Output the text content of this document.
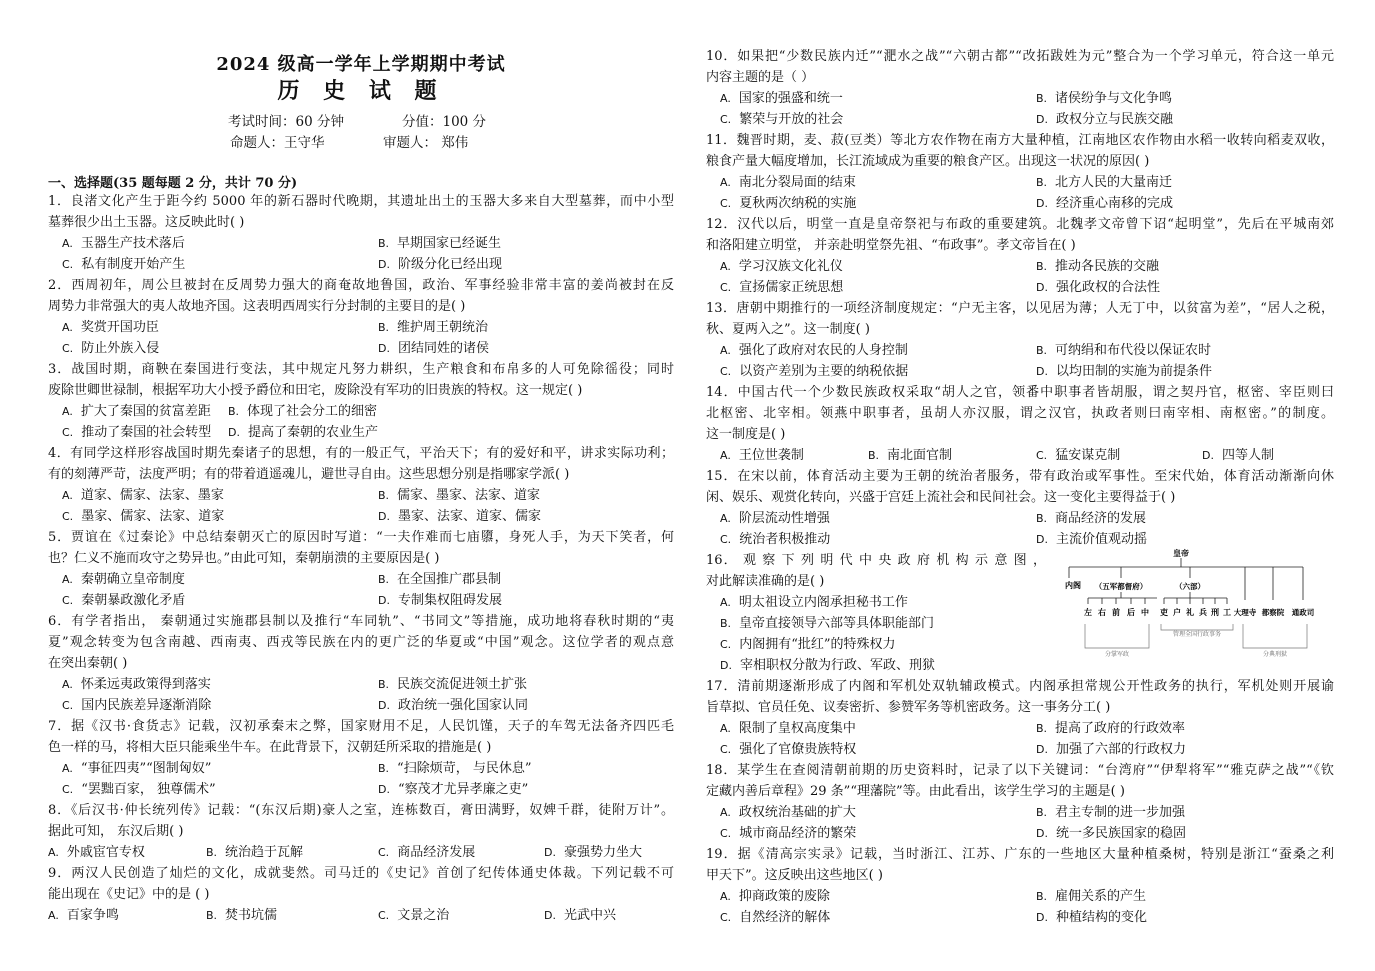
2024 级高一学年上学期期中考试
历 史 试 题
考试时间：60 分钟	分值：100 分
命题人：王守华	审题人： 郑伟
一、选择题(35 题每题 2 分，共计 70 分)
1．良渚文化产生于距今约 5000 年的新石器时代晚期，其遗址出土的玉器大多来自大型墓葬，而中小型
墓葬很少出土玉器。这反映此时( )
A. 玉器生产技术落后	B. 早期国家已经诞生
C. 私有制度开始产生	D. 阶级分化已经出现
2．西周初年，周公旦被封在反周势力强大的商奄故地鲁国，政治、军事经验非常丰富的姜尚被封在反
周势力非常强大的夷人故地齐国。这表明西周实行分封制的主要目的是( )
A. 奖赏开国功臣	B. 维护周王朝统治
C. 防止外族入侵	D. 团结同姓的诸侯
3．战国时期，商鞅在秦国进行变法，其中规定凡努力耕织，生产粮食和布帛多的人可免除徭役；同时
废除世卿世禄制，根据军功大小授予爵位和田宅，废除没有军功的旧贵族的特权。这一规定( )
A. 扩大了秦国的贫富差距 B. 体现了社会分工的细密
C. 推动了秦国的社会转型 D. 提高了秦朝的农业生产
4．有同学这样形容战国时期先秦诸子的思想，有的一般正气，平治天下；有的爱好和平，讲求实际功利；
有的刻薄严苛，法度严明；有的带着逍遥魂儿，避世寻自由。这些思想分别是指哪家学派( )
A. 道家、儒家、法家、墨家	B. 儒家、墨家、法家、道家
C. 墨家、儒家、法家、道家	D. 墨家、法家、道家、儒家
5．贾谊在《过秦论》中总结秦朝灭亡的原因时写道：“一夫作难而七庙隳，身死人手，为天下笑者，何
也？仁义不施而攻守之势异也。”由此可知，秦朝崩溃的主要原因是( )
A. 秦朝确立皇帝制度	B. 在全国推广郡县制
C. 秦朝暴政激化矛盾	D. 专制集权阻碍发展
6．有学者指出， 秦朝通过实施郡县制以及推行“车同轨”、“书同文”等措施，成功地将春秋时期的“夷
夏”观念转变为包含南越、西南夷、西戎等民族在内的更广泛的华夏或“中国”观念。这位学者的观点意
在突出秦朝( )
A. 怀柔远夷政策得到落实	B. 民族交流促进领土扩张
C. 国内民族差异逐渐消除	D. 政治统一强化国家认同
7．据《汉书·食货志》记载，汉初承秦末之弊，国家财用不足，人民饥馑，天子的车驾无法备齐四匹毛
色一样的马，将相大臣只能乘坐牛车。在此背景下，汉朝廷所采取的措施是( )
A. “事征四夷”“图制匈奴”	B. “扫除烦苛， 与民休息”
C. “罢黜百家， 独尊儒术”	D. “察茂才尤异孝廉之吏”
8．《后汉书·仲长统列传》记载：“(东汉后期)豪人之室，连栋数百，膏田满野，奴婢千群，徒附万计”。
据此可知， 东汉后期( )
A. 外戚宦官专权	B. 统治趋于瓦解	C. 商品经济发展	D. 豪强势力坐大
9．两汉人民创造了灿烂的文化，成就斐然。司马迁的《史记》首创了纪传体通史体裁。下列记载不可
能出现在《史记》中的是 ( )
A. 百家争鸣	B. 焚书坑儒	C. 文景之治	D. 光武中兴
10．如果把“少数民族内迁”“淝水之战”“六朝古都”“改拓跋姓为元”整合为一个学习单元，符合这一单元
内容主题的是（ ）
A. 国家的强盛和统一	B. 诸侯纷争与文化争鸣
C. 繁荣与开放的社会	D. 政权分立与民族交融
11．魏晋时期，麦、菽(豆类）等北方农作物在南方大量种植，江南地区农作物由水稻一收转向稻麦双收，
粮食产量大幅度增加，长江流域成为重要的粮食产区。出现这一状况的原因( )
A. 南北分裂局面的结束	B. 北方人民的大量南迁
C. 夏秋两次纳税的实施	D. 经济重心南移的完成
12．汉代以后，明堂一直是皇帝祭祀与布政的重要建筑。北魏孝文帝曾下诏“起明堂”，先后在平城南郊
和洛阳建立明堂， 并亲赴明堂祭先祖、“布政事”。孝文帝旨在( )
A. 学习汉族文化礼仪	B. 推动各民族的交融
C. 宣扬儒家正统思想	D. 强化政权的合法性
13．唐朝中期推行的一项经济制度规定：“户无主客，以见居为薄；人无丁中，以贫富为差”，“居人之税，
秋、夏两入之”。这一制度( )
A. 强化了政府对农民的人身控制	B. 可纳绢和布代役以保证农时
C. 以资产差别为主要的纳税依据	D. 以均田制的实施为前提条件
14．中国古代一个少数民族政权采取“胡人之官，领番中职事者皆胡服，谓之契丹官，枢密、宰臣则曰
北枢密、北宰相。领燕中职事者，虽胡人亦汉服，谓之汉官，执政者则曰南宰相、南枢密。”的制度。
这一制度是( )
A. 王位世袭制	B. 南北面官制	C. 猛安谋克制	D. 四等人制
15．在宋以前，体育活动主要为王朝的统治者服务，带有政治或军事性。至宋代始，体育活动渐渐向休
闲、娱乐、观赏化转向，兴盛于宫廷上流社会和民间社会。这一变化主要得益于( )
A. 阶层流动性增强	B. 商品经济的发展
C. 统治者积极推动	D. 主流价值观动摇
16． 观 察 下 列 明 代 中 央 政 府 机 构 示 意 图 ，
对此解读准确的是( )
A. 明太祖设立内阁承担秘书工作
B. 皇帝直接领导六部等具体职能部门
C. 内阁拥有“批红”的特殊权力
D. 宰相职权分散为行政、军政、刑狱
17．清前期逐渐形成了内阁和军机处双轨辅政模式。内阁承担常规公开性政务的执行，军机处则开展谕
旨草拟、官员任免、议奏密折、参赞军务等机密政务。这一事务分工( )
A. 限制了皇权高度集中	B. 提高了政府的行政效率
C. 强化了官僚贵族特权	D. 加强了六部的行政权力
18．某学生在查阅清朝前期的历史资料时，记录了以下关键词：“台湾府”“伊犁将军”“雅克萨之战”“《钦
定藏内善后章程》29 条”“理藩院”等。由此看出，该学生学习的主题是( )
A. 政权统治基础的扩大	B. 君主专制的进一步加强
C. 城市商品经济的繁荣	D. 统一多民族国家的稳固
19．据《清高宗实录》记载，当时浙江、江苏、广东的一些地区大量种植桑树，特别是浙江“蚕桑之利
甲天下”。这反映出这些地区( )
A. 抑商政策的废除	B. 雇佣关系的产生
C. 自然经济的解体	D. 种植结构的变化
皇帝
内阁 （五军都督府）	（六部）
左 右 前 后 中 吏 户 礼 兵 刑 工 大理寺 都察院 通政司
管理全国行政事务
分掌军政	分典刑狱
